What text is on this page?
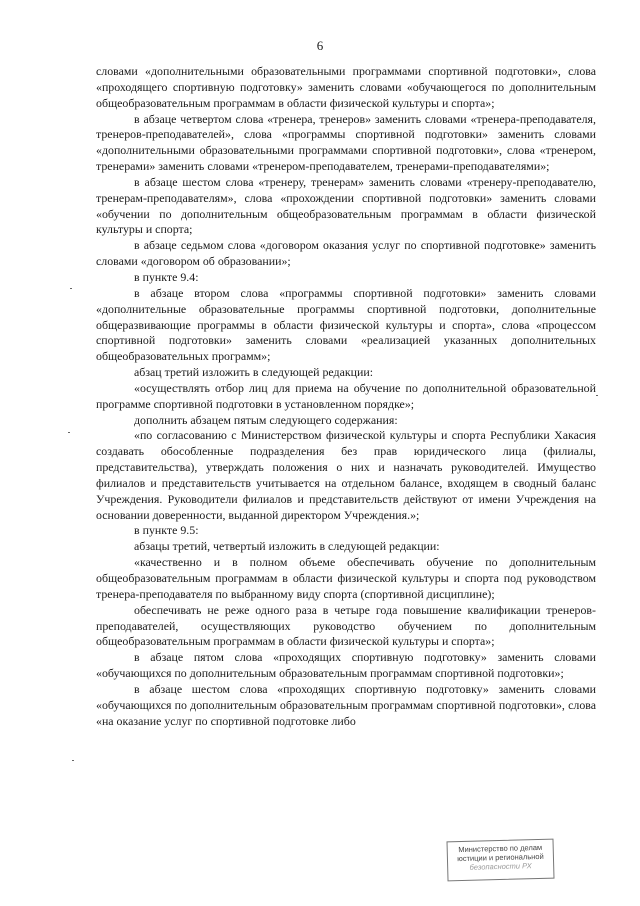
6

словами «дополнительными образовательными программами спортивной подготовки», слова «проходящего спортивную подготовку» заменить словами «обучающегося по дополнительным общеобразовательным программам в области физической культуры и спорта»;

в абзаце четвертом слова «тренера, тренеров» заменить словами «тренера-преподавателя, тренеров-преподавателей», слова «программы спортивной подготовки» заменить словами «дополнительными образовательными программами спортивной подготовки», слова «тренером, тренерами» заменить словами «тренером-преподавателем, тренерами-преподавателями»;

в абзаце шестом слова «тренеру, тренерам» заменить словами «тренеру-преподавателю, тренерам-преподавателям», слова «прохождении спортивной подготовки» заменить словами «обучении по дополнительным общеобразовательным программам в области физической культуры и спорта;

в абзаце седьмом слова «договором оказания услуг по спортивной подготовке» заменить словами «договором об образовании»;

в пункте 9.4:

в абзаце втором слова «программы спортивной подготовки» заменить словами «дополнительные образовательные программы спортивной подготовки, дополнительные общеразвивающие программы в области физической культуры и спорта», слова «процессом спортивной подготовки» заменить словами «реализацией указанных дополнительных общеобразовательных программ»;

абзац третий изложить в следующей редакции:

«осуществлять отбор лиц для приема на обучение по дополнительной образовательной программе спортивной подготовки в установленном порядке»;

дополнить абзацем пятым следующего содержания:

«по согласованию с Министерством физической культуры и спорта Республики Хакасия создавать обособленные подразделения без прав юридического лица (филиалы, представительства), утверждать положения о них и назначать руководителей. Имущество филиалов и представительств учитывается на отдельном балансе, входящем в сводный баланс Учреждения. Руководители филиалов и представительств действуют от имени Учреждения на основании доверенности, выданной директором Учреждения.»;

в пункте 9.5:

абзацы третий, четвертый изложить в следующей редакции:

«качественно и в полном объеме обеспечивать обучение по дополнительным общеобразовательным программам в области физической культуры и спорта под руководством тренера-преподавателя по выбранному виду спорта (спортивной дисциплине);

обеспечивать не реже одного раза в четыре года повышение квалификации тренеров-преподавателей, осуществляющих руководство обучением по дополнительным общеобразовательным программам в области физической культуры и спорта»;

в абзаце пятом слова «проходящих спортивную подготовку» заменить словами «обучающихся по дополнительным образовательным программам спортивной подготовки»;

в абзаце шестом слова «проходящих спортивную подготовку» заменить словами «обучающихся по дополнительным образовательным программам спортивной подготовки», слова «на оказание услуг по спортивной подготовке либо

Министерство по делам
юстиции и региональной
безопасности РХ
